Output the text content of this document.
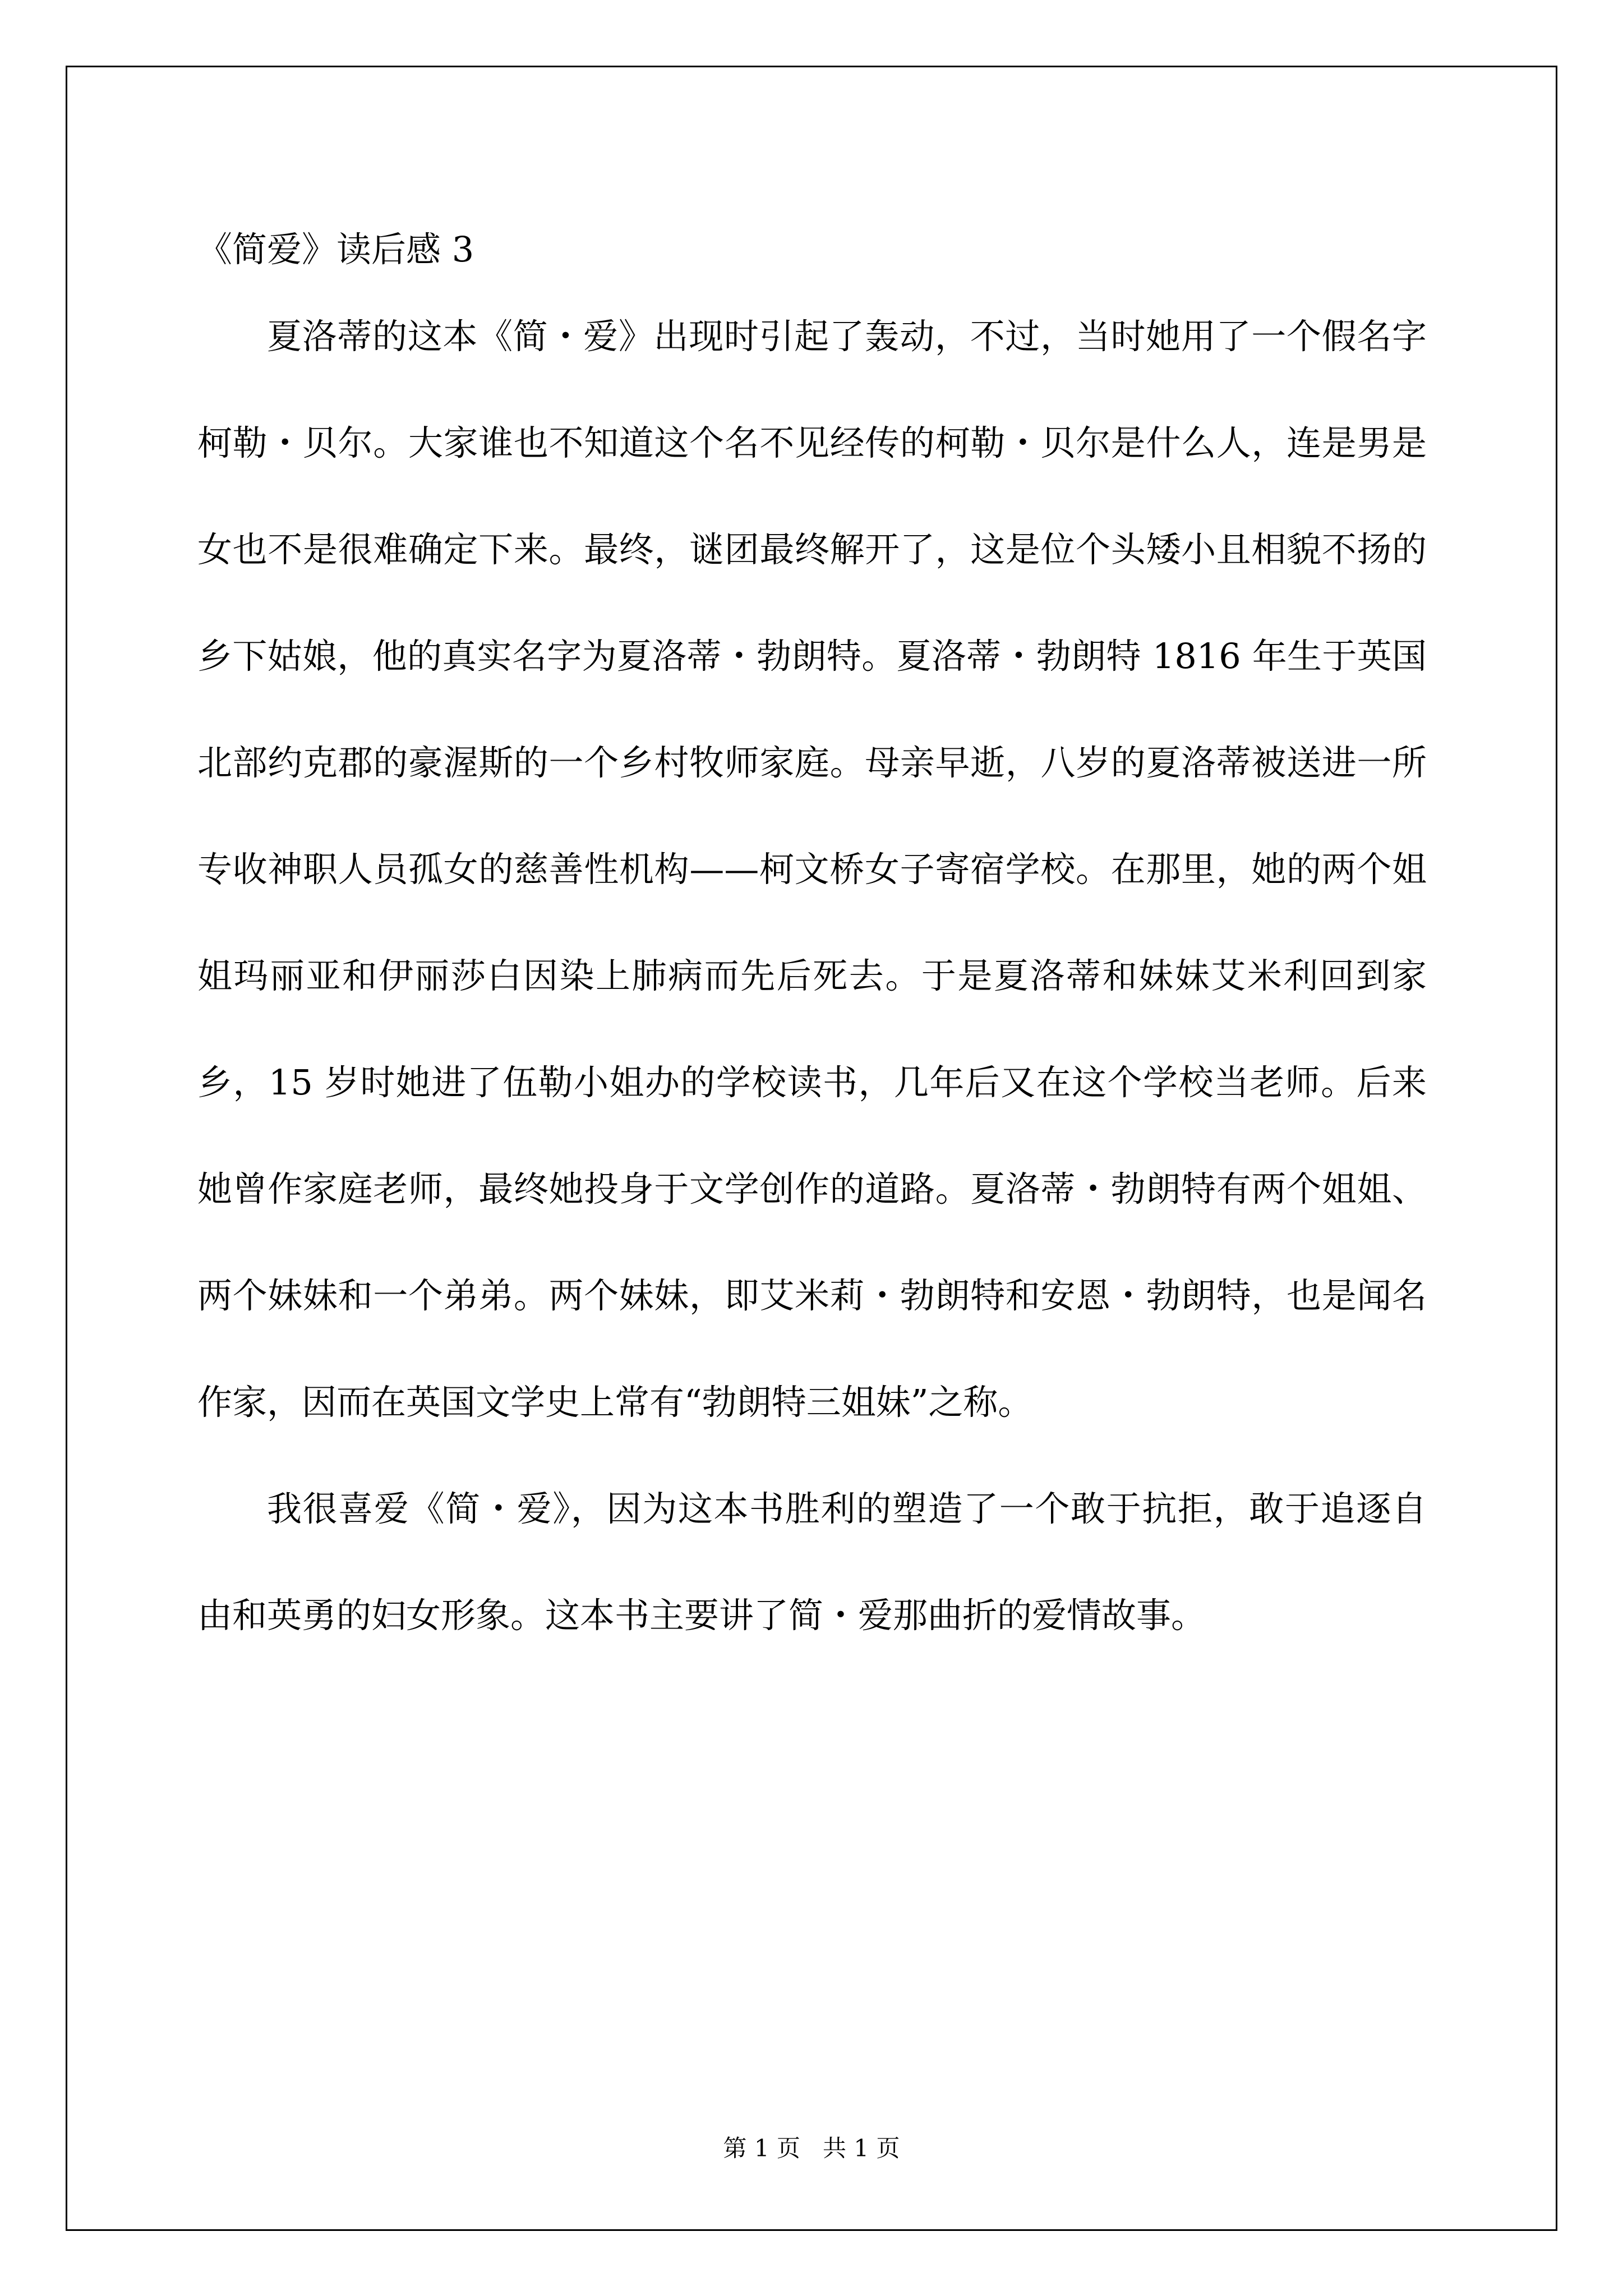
《简爱》读后感 3

夏洛蒂的这本《简・爱》出现时引起了轰动，不过，当时她用了一个假名字柯勒・贝尔。大家谁也不知道这个名不见经传的柯勒・贝尔是什么人，连是男是女也不是很难确定下来。最终，谜团最终解开了，这是位个头矮小且相貌不扬的乡下姑娘，他的真实名字为夏洛蒂・勃朗特。夏洛蒂・勃朗特 1816 年生于英国北部约克郡的豪渥斯的一个乡村牧师家庭。母亲早逝，八岁的夏洛蒂被送进一所专收神职人员孤女的慈善性机构——柯文桥女子寄宿学校。在那里，她的两个姐姐玛丽亚和伊丽莎白因染上肺病而先后死去。于是夏洛蒂和妹妹艾米利回到家乡，15 岁时她进了伍勒小姐办的学校读书，几年后又在这个学校当老师。后来她曾作家庭老师，最终她投身于文学创作的道路。夏洛蒂・勃朗特有两个姐姐、两个妹妹和一个弟弟。两个妹妹，即艾米莉・勃朗特和安恩・勃朗特，也是闻名作家，因而在英国文学史上常有“勃朗特三姐妹”之称。

我很喜爱《简・爱》，因为这本书胜利的塑造了一个敢于抗拒，敢于追逐自由和英勇的妇女形象。这本书主要讲了简・爱那曲折的爱情故事。

第 1 页   共 1 页
